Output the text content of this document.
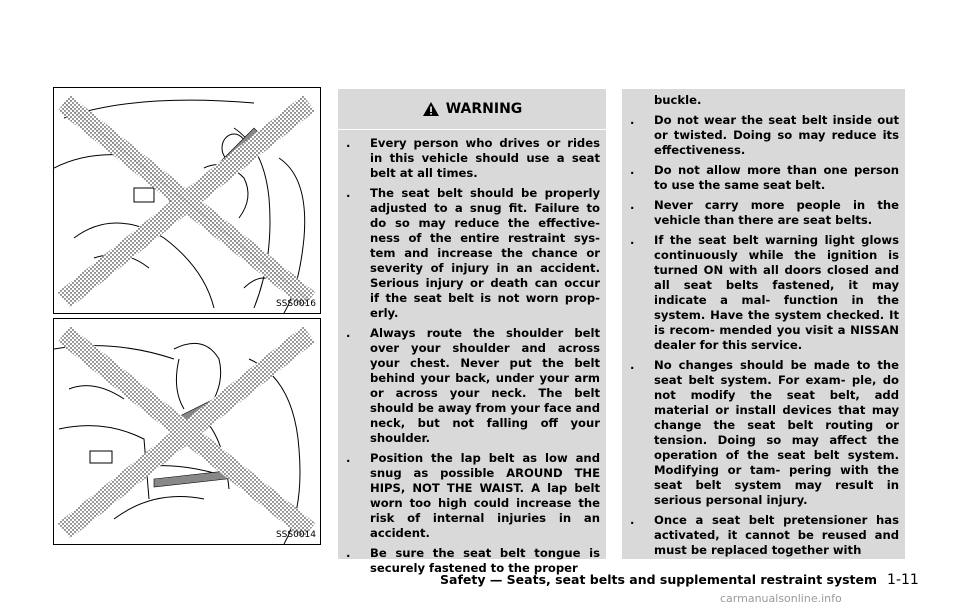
SSS0016
SSS0014
WARNING
. Every person who drives or rides in this vehicle should use a seat belt at all times.
. The seat belt should be properly adjusted to a snug fit. Failure to do so may reduce the effective- ness of the entire restraint sys- tem and increase the chance or severity of injury in an accident. Serious injury or death can occur if the seat belt is not worn prop- erly.
. Always route the shoulder belt over your shoulder and across your chest. Never put the belt behind your back, under your arm or across your neck. The belt should be away from your face and neck, but not falling off your shoulder.
. Position the lap belt as low and snug as possible AROUND THE HIPS, NOT THE WAIST. A lap belt worn too high could increase the risk of internal injuries in an accident.
. Be sure the seat belt tongue is securely fastened to the proper
buckle.
. Do not wear the seat belt inside out or twisted. Doing so may reduce its effectiveness.
. Do not allow more than one person to use the same seat belt.
. Never carry more people in the vehicle than there are seat belts.
. If the seat belt warning light glows continuously while the ignition is turned ON with all doors closed and all seat belts fastened, it may indicate a mal- function in the system. Have the system checked. It is recom- mended you visit a NISSAN dealer for this service.
. No changes should be made to the seat belt system. For exam- ple, do not modify the seat belt, add material or install devices that may change the seat belt routing or tension. Doing so may affect the operation of the seat belt system. Modifying or tam- pering with the seat belt system may result in serious personal injury.
. Once a seat belt pretensioner has activated, it cannot be reused and must be replaced together with
Safety — Seats, seat belts and supplemental restraint system 1-11
carmanualsonline.info
